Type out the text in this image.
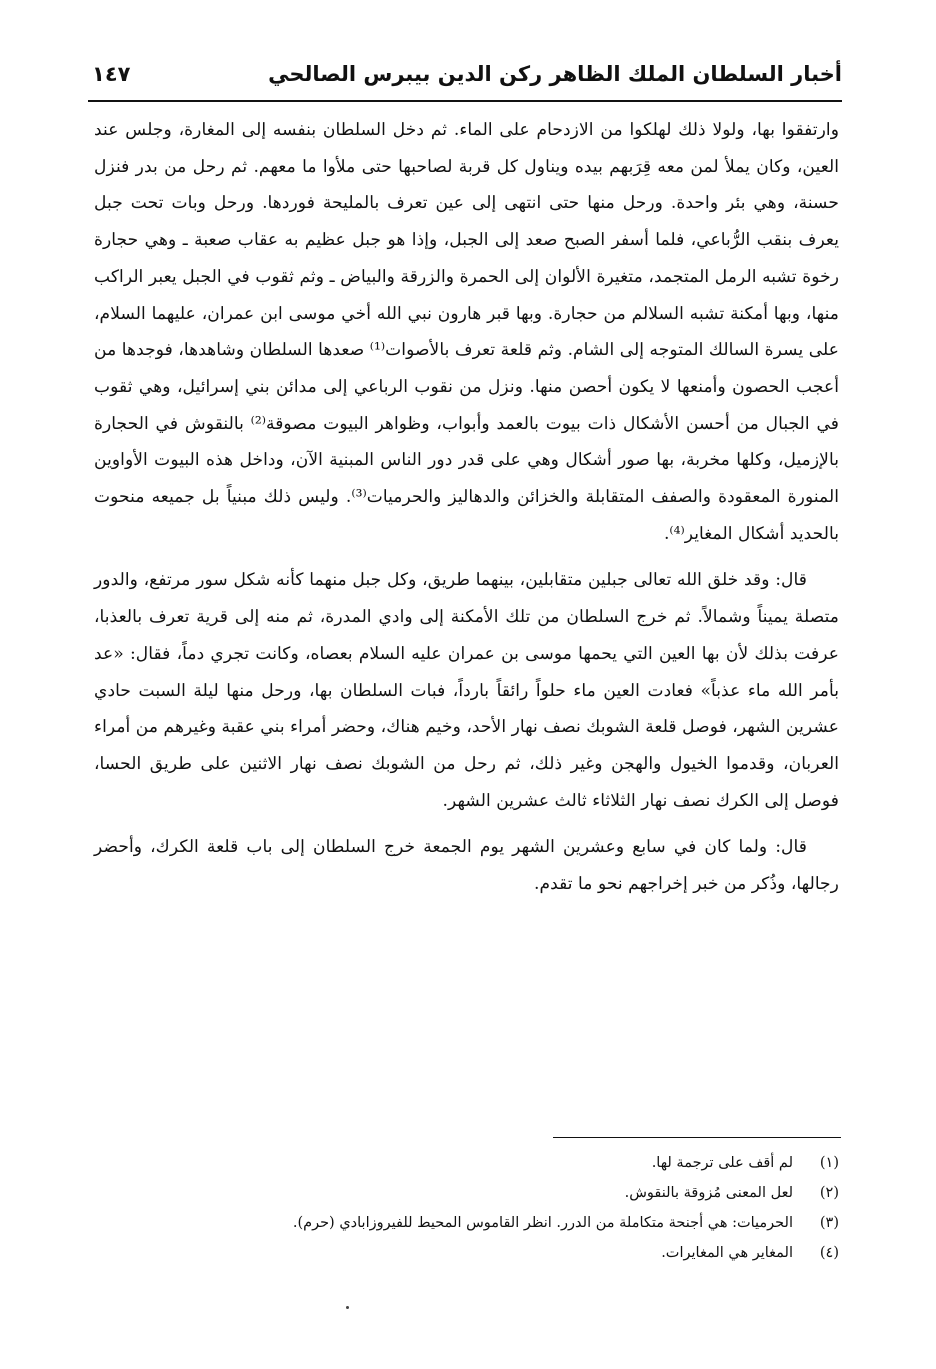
أخبار السلطان الملك الظاهر ركن الدين بيبرس الصالحي
١٤٧

وارتفقوا بها، ولولا ذلك لهلكوا من الازدحام على الماء. ثم دخل السلطان بنفسه إلى المغارة، وجلس عند العين، وكان يملأ لمن معه قِرَبهم بيده ويناول كل قربة لصاحبها حتى ملأوا ما معهم. ثم رحل من بدر فنزل حسنة، وهي بئر واحدة. ورحل منها حتى انتهى إلى عين تعرف بالمليحة فوردها. ورحل وبات تحت جبل يعرف بنقب الرُّباعي، فلما أسفر الصبح صعد إلى الجبل، وإذا هو جبل عظيم به عقاب صعبة ـ وهي حجارة رخوة تشبه الرمل المتجمد، متغيرة الألوان إلى الحمرة والزرقة والبياض ـ وثم ثقوب في الجبل يعبر الراكب منها، وبها أمكنة تشبه السلالم من حجارة. وبها قبر هارون نبي الله أخي موسى ابن عمران، عليهما السلام، على يسرة السالك المتوجه إلى الشام. وثم قلعة تعرف بالأصوات⁽¹⁾ صعدها السلطان وشاهدها، فوجدها من أعجب الحصون وأمنعها لا يكون أحصن منها. ونزل من نقوب الرباعي إلى مدائن بني إسرائيل، وهي ثقوب في الجبال من أحسن الأشكال ذات بيوت بالعمد وأبواب، وظواهر البيوت مصوقة⁽²⁾ بالنقوش في الحجارة بالإزميل، وكلها مخربة، بها صور أشكال وهي على قدر دور الناس المبنية الآن، وداخل هذه البيوت الأواوين المنورة المعقودة والصفف المتقابلة والخزائن والدهاليز والحرميات⁽³⁾. وليس ذلك مبنياً بل جميعه منحوت بالحديد أشكال المغاير⁽⁴⁾.

قال: وقد خلق الله تعالى جبلين متقابلين، بينهما طريق، وكل جبل منهما كأنه شكل سور مرتفع، والدور متصلة يميناً وشمالاً. ثم خرج السلطان من تلك الأمكنة إلى وادي المدرة، ثم منه إلى قرية تعرف بالعذبا، عرفت بذلك لأن بها العين التي يحمها موسى بن عمران عليه السلام بعصاه، وكانت تجري دماً، فقال: «عد بأمر الله ماء عذباً» فعادت العين ماء حلواً رائقاً بارداً، فبات السلطان بها، ورحل منها ليلة السبت حادي عشرين الشهر، فوصل قلعة الشوبك نصف نهار الأحد، وخيم هناك، وحضر أمراء بني عقبة وغيرهم من أمراء العربان، وقدموا الخيول والهجن وغير ذلك، ثم رحل من الشوبك نصف نهار الاثنين على طريق الحسا، فوصل إلى الكرك نصف نهار الثلاثاء ثالث عشرين الشهر.

قال: ولما كان في سابع وعشرين الشهر يوم الجمعة خرج السلطان إلى باب قلعة الكرك، وأحضر رجالها، وذُكر من خبر إخراجهم نحو ما تقدم.

(١)
لم أقف على ترجمة لها.
(٢)
لعل المعنى مُزوقة بالنقوش.
(٣)
الحرميات: هي أجنحة متكاملة من الدرر. انظر القاموس المحيط للفيروزابادي (حرم).
(٤)
المغاير هي المغايرات.
